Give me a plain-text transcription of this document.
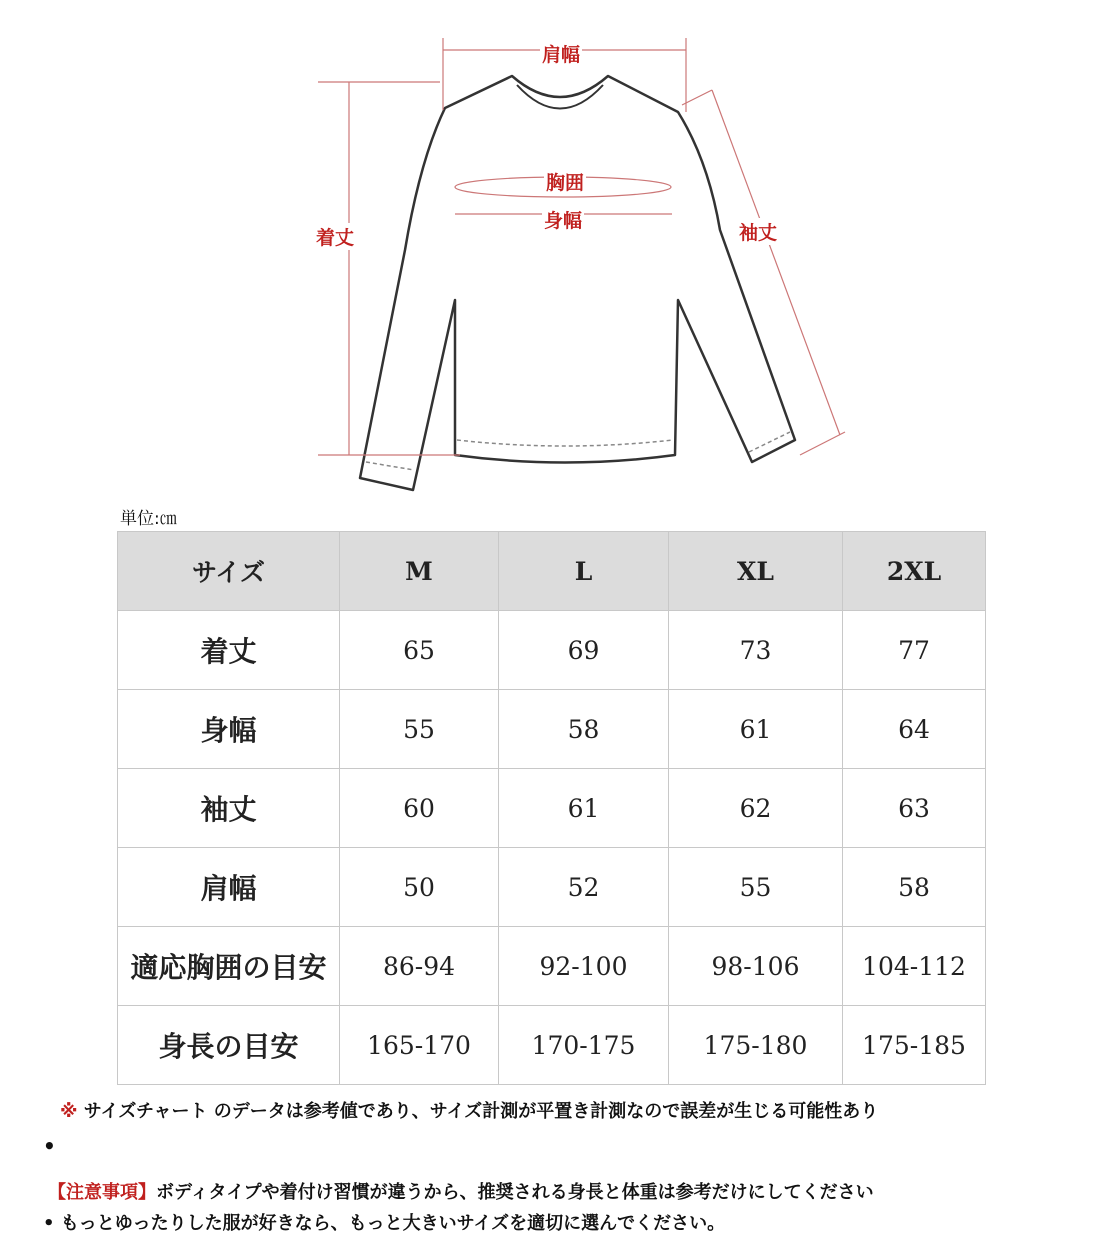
肩幅
胸囲
身幅
着丈	袖丈
単位:㎝
サイズ	M	L	XL	2XL
着丈	65	69	73	77
身幅	55	58	61	64
袖丈	60	61	62	63
肩幅	50	52	55	58
適応胸囲の目安	86-94	92-100	98-106	104-112
身長の目安	165-170	170-175	175-180	175-185
※ サイズチャート のデータは参考値であり、サイズ計測が平置き計測なので誤差が生じる可能性あり
•
【注意事項】ボディタイプや着付け習慣が違うから、推奨される身長と体重は参考だけにしてください
• もっとゆったりした服が好きなら、もっと大きいサイズを適切に選んでください。
